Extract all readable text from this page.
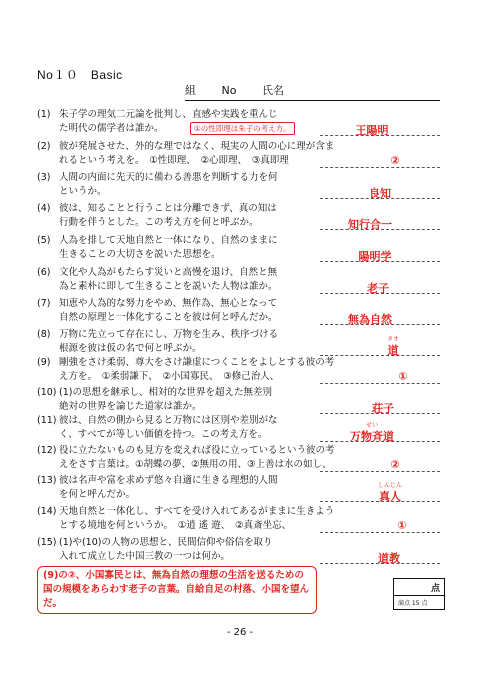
No１０　Basic
組 No 氏名
(1) 朱子学の理気二元論を批判し、直感や実践を重んじ
た明代の儒学者は誰か。
(2) 彼が発展させた、外的な理ではなく、現実の人間の心に理が含ま
れるという考えを。　①性即理、　②心即理、　③真即理
(3) 人間の内面に先天的に備わる善悪を判断する力を何
というか。
(4) 彼は、知ることと行うことは分離できず、真の知は
行動を伴うとした。この考え方を何と呼ぶか。
(5) 人為を排して天地自然と一体になり、自然のままに
生きることの大切さを説いた思想を。
(6) 文化や人為がもたらす災いと高慢を退け、自然と無
為と素朴に即して生きることを説いた人物は誰か。
(7) 知恵や人為的な努力をやめ、無作為、無心となって
自然の原理と一体化することを彼は何と呼んだか。
(8) 万物に先立って存在にし、万物を生み、秩序づける
根源を彼は仮の名で何と呼ぶか。
(9) 剛強をさけ柔弱、尊大をさけ謙虚につくことをよしとする彼の考
え方を。　①柔弱謙下、　②小国寡民、　③修己治人、
(10) (1)の思想を継承し、相対的な世界を超えた無差別
絶対の世界を論じた道家は誰か。
(11) 彼は、自然の側から見ると万物には区別や差別がな
く、すべてが等しい価値を持つ。この考え方を。
(12) 役に立たないものも見方を変えれば役に立っているという彼の考
えをさす言葉は。①胡蝶の夢、②無用の用、③上善は水の如し、
(13) 彼は名声や富を求めず悠々自適に生きる理想的人間
を何と呼んだか。
(14) 天地自然と一体化し、すべてを受け入れてあるがままに生きよう
とする境地を何というか。　①逍 遙 遊、　②真斎坐忘、
(15) (1)や(10)の人物の思想と、民間信仰や俗信を取り
入れて成立した中国三教の一つは何か。
(9)の②、小国寡民とは、無為自然の理想の生活を送るための国の規模をあらわす老子の言葉。自給自足の村落、小国を望んだ。
点
満点 15 点
- 26 -
王陽明
①の性即理は朱子の考え方。
②
良知
知行合一
陽明学
老子
無為自然
道
タオ
①
荘子
万物斉道
せい
②
真人
しんじん
①
道教
